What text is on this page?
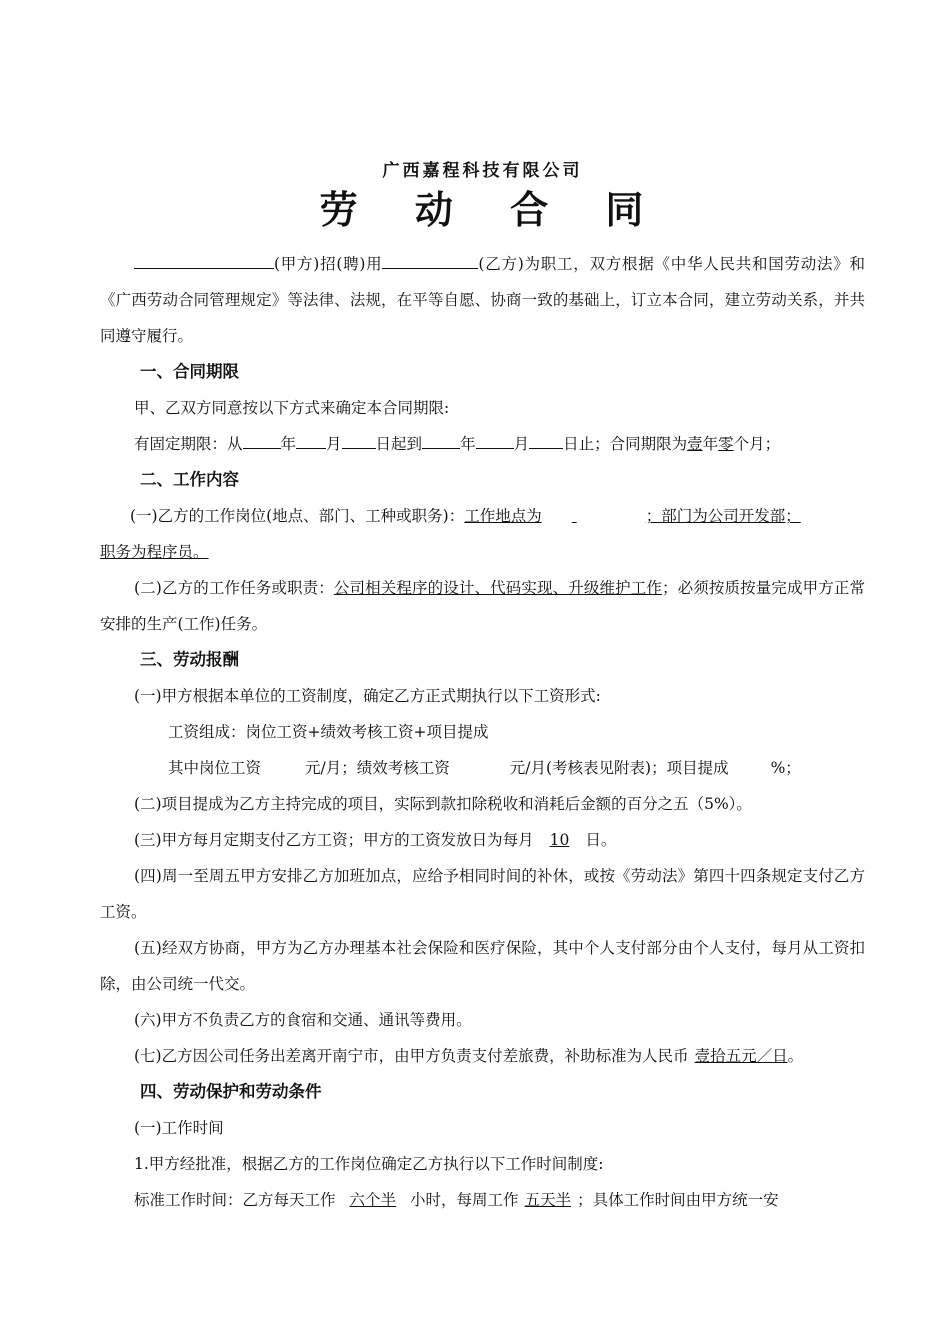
广西嘉程科技有限公司
劳 动 合 同

(甲方)招(聘)用	(乙方)为职工，双方根据《中华人民共和国劳动法》和《广西劳动合同管理规定》等法律、法规，在平等自愿、协商一致的基础上，订立本合同，建立劳动关系，并共同遵守履行。

一、合同期限

甲、乙双方同意按以下方式来确定本合同期限:

有固定期限：从 年 月 日起到 年 月 日止；合同期限为壹年零个月；

二、工作内容

(一)乙方的工作岗位(地点、部门、工种或职务)：工作地点为	；部门为公司开发部；
职务为程序员。

(二)乙方的工作任务或职责：公司相关程序的设计、代码实现、升级维护工作；必须按质按量完成甲方正常安排的生产(工作)任务。

三、劳动报酬

(一)甲方根据本单位的工资制度，确定乙方正式期执行以下工资形式:

工资组成：岗位工资+绩效考核工资+项目提成

其中岗位工资	元/月；绩效考核工资	元/月(考核表见附表)；项目提成	%；

(二)项目提成为乙方主持完成的项目，实际到款扣除税收和消耗后金额的百分之五（5%）。

(三)甲方每月定期支付乙方工资；甲方的工资发放日为每月 10 日。

(四)周一至周五甲方安排乙方加班加点，应给予相同时间的补休，或按《劳动法》第四十四条规定支付乙方工资。

(五)经双方协商，甲方为乙方办理基本社会保险和医疗保险，其中个人支付部分由个人支付，每月从工资扣除，由公司统一代交。

(六)甲方不负责乙方的食宿和交通、通讯等费用。

(七)乙方因公司任务出差离开南宁市，由甲方负责支付差旅费，补助标准为人民币 壹拾五元／日。

四、劳动保护和劳动条件

(一)工作时间

1.甲方经批准，根据乙方的工作岗位确定乙方执行以下工作时间制度:

标准工作时间：乙方每天工作 六个半 小时，每周工作 五天半 ；具体工作时间由甲方统一安
